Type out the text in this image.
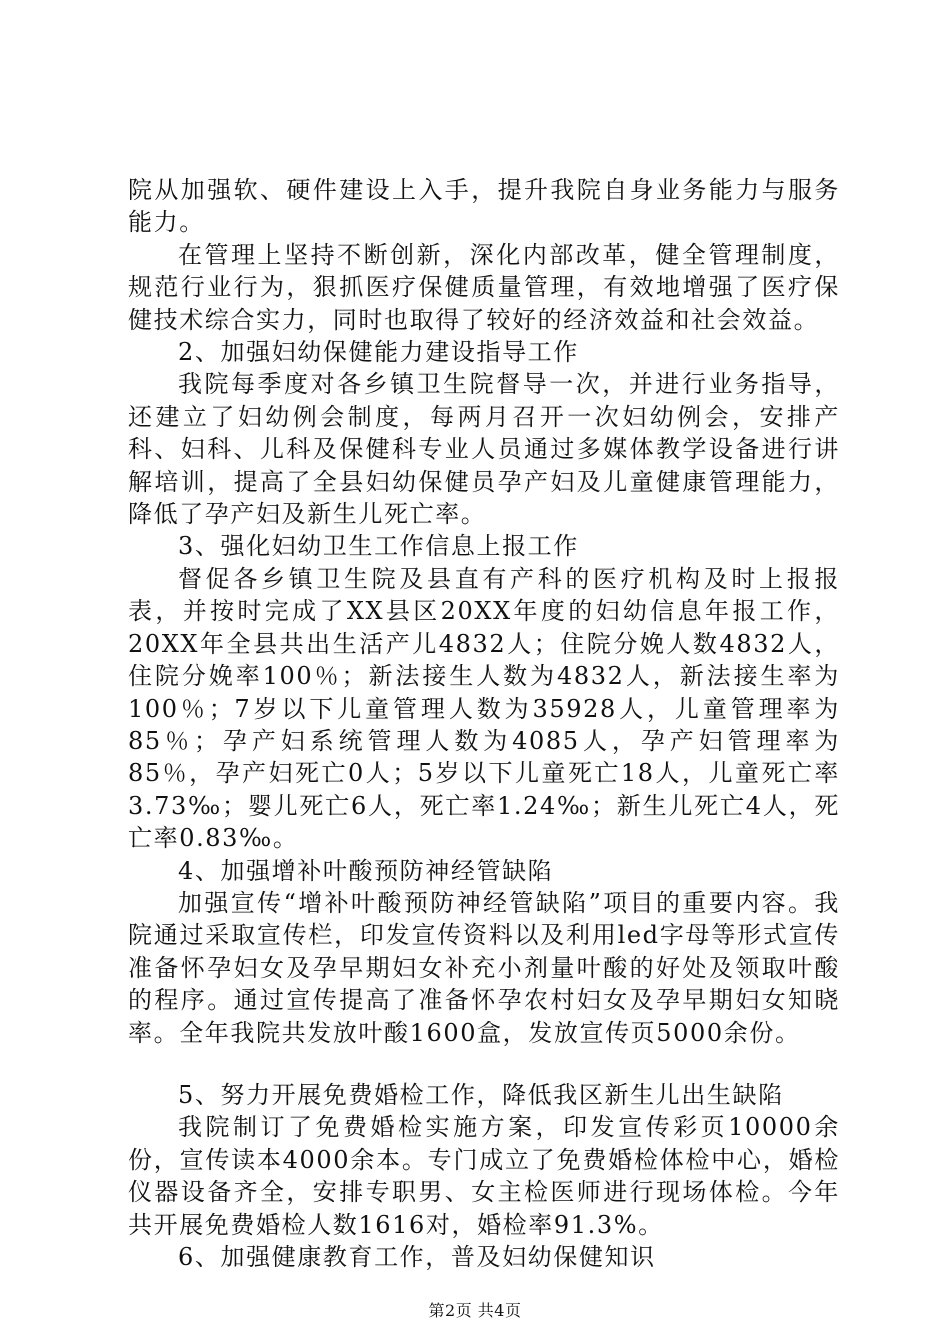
院从加强软、硬件建设上入手，提升我院自身业务能力与服务能力。

在管理上坚持不断创新，深化内部改革，健全管理制度，规范行业行为，狠抓医疗保健质量管理，有效地增强了医疗保健技术综合实力，同时也取得了较好的经济效益和社会效益。

2、加强妇幼保健能力建设指导工作

我院每季度对各乡镇卫生院督导一次，并进行业务指导，还建立了妇幼例会制度，每两月召开一次妇幼例会，安排产科、妇科、儿科及保健科专业人员通过多媒体教学设备进行讲解培训，提高了全县妇幼保健员孕产妇及儿童健康管理能力，降低了孕产妇及新生儿死亡率。

3、强化妇幼卫生工作信息上报工作

督促各乡镇卫生院及县直有产科的医疗机构及时上报报表，并按时完成了XX县区20XX年度的妇幼信息年报工作，20XX年全县共出生活产儿4832人；住院分娩人数4832人，住院分娩率100％；新法接生人数为4832人，新法接生率为100％；7岁以下儿童管理人数为35928人，儿童管理率为85％；孕产妇系统管理人数为4085人，孕产妇管理率为85％，孕产妇死亡0人；5岁以下儿童死亡18人，儿童死亡率3.73‰；婴儿死亡6人，死亡率1.24‰；新生儿死亡4人，死亡率0.83‰。

4、加强增补叶酸预防神经管缺陷

加强宣传“增补叶酸预防神经管缺陷”项目的重要内容。我院通过采取宣传栏，印发宣传资料以及利用led字母等形式宣传准备怀孕妇女及孕早期妇女补充小剂量叶酸的好处及领取叶酸的程序。通过宣传提高了准备怀孕农村妇女及孕早期妇女知晓率。全年我院共发放叶酸1600盒，发放宣传页5000余份。

5、努力开展免费婚检工作，降低我区新生儿出生缺陷

我院制订了免费婚检实施方案，印发宣传彩页10000余份，宣传读本4000余本。专门成立了免费婚检体检中心，婚检仪器设备齐全，安排专职男、女主检医师进行现场体检。今年共开展免费婚检人数1616对，婚检率91.3%。

6、加强健康教育工作，普及妇幼保健知识

第2页 共4页
